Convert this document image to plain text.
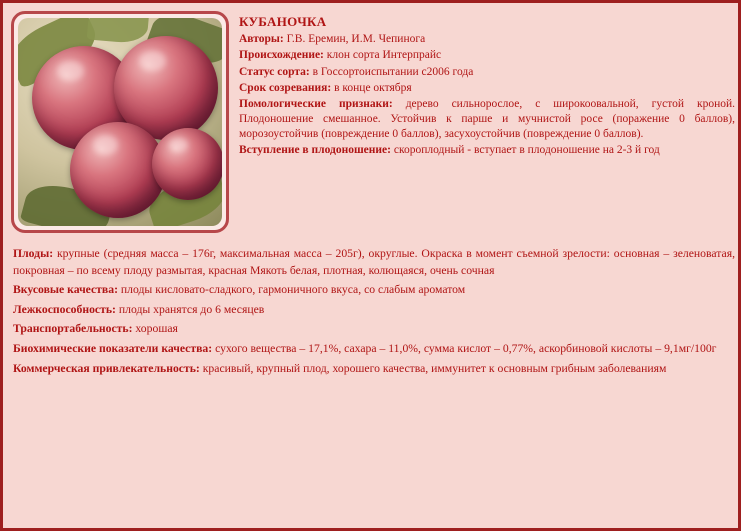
КУБАНОЧКА
Авторы: Г.В. Еремин, И.М. Чепинога
Происхождение: клон сорта Интерпрайс
Статус сорта: в Госсортоиспытании с2006 года
Срок созревания: в конце октября
Помологические признаки: дерево сильнорослое, с широкоовальной, густой кроной. Плодоношение смешанное. Устойчив к парше и мучнистой росе (поражение 0 баллов), морозоустойчив (повреждение 0 баллов), засухоустойчив (повреждение 0 баллов).
Вступление в плодоношение: скороплодный - вступает в плодоношение на 2-3 й год
Плоды: крупные (средняя масса – 176г, максимальная масса – 205г), округлые. Окраска в момент съемной зрелости: основная – зеленоватая, покровная – по всему плоду размытая, красная Мякоть белая, плотная, колющаяся, очень сочная
Вкусовые качества: плоды кисловато-сладкого, гармоничного вкуса, со слабым ароматом
Лежкоспособность: плоды хранятся до 6 месяцев
Транспортабельность: хорошая
Биохимические показатели качества: сухого вещества – 17,1%, сахара – 11,0%, сумма кислот – 0,77%, аскорбиновой кислоты – 9,1мг/100г
Коммерческая привлекательность: красивый, крупный плод, хорошего качества, иммунитет к основным грибным заболеваниям
